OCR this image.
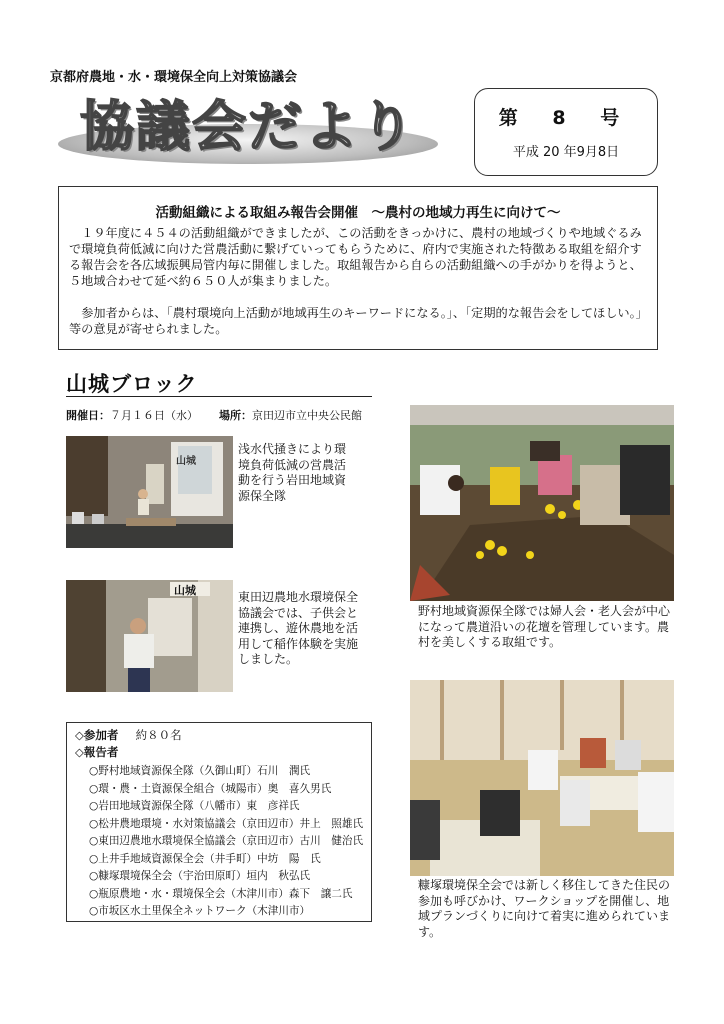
京都府農地・水・環境保全向上対策協議会
協議会だより	第 8 号
平成 20 年9月8日
活動組織による取組み報告会開催　～農村の地域力再生に向けて～

１９年度に４５４の活動組織ができましたが、この活動をきっかけに、農村の地域づくりや地域ぐるみで環境負荷低減に向けた営農活動に繋げていってもらうために、府内で実施された特徴ある取組を紹介する報告会を各広域振興局管内毎に開催しました。取組報告から自らの活動組織への手がかりを得ようと、５地域合わせて延べ約６５０人が集まりました。

参加者からは、「農村環境向上活動が地域再生のキーワードになる。」、「定期的な報告会をしてほしい。」等の意見が寄せられました。

山城ブロック
開催日：７月１６日（水） 場所：京田辺市立中央公民館

浅水代掻きにより環境負荷低減の営農活動を行う岩田地域資源保全隊

山城	東田辺農地水環境保全協議会では、子供会と連携し、遊休農地を活用して稲作体験を実施しました。

野村地域資源保全隊では婦人会・老人会が中心になって農道沿いの花壇を管理しています。農村を美しくする取組です。

糠塚環境保全会では新しく移住してきた住民の参加も呼びかけ、ワークショップを開催し、地域プランづくりに向けて着実に進められています。

◇参加者 約８０名
◇報告者
○野村地域資源保全隊（久御山町）石川　潤氏
○環・農・土資源保全組合（城陽市）奥　喜久男氏
○岩田地域資源保全隊（八幡市）東　彦祥氏
○松井農地環境・水対策協議会（京田辺市）井上　照雄氏
○東田辺農地水環境保全協議会（京田辺市）古川　健治氏
○上井手地域資源保全会（井手町）中坊　陽　氏
○糠塚環境保全会（宇治田原町）垣内　秋弘氏
○瓶原農地・水・環境保全会（木津川市）森下　譲二氏
○市坂区水土里保全ネットワーク（木津川市）
山城
